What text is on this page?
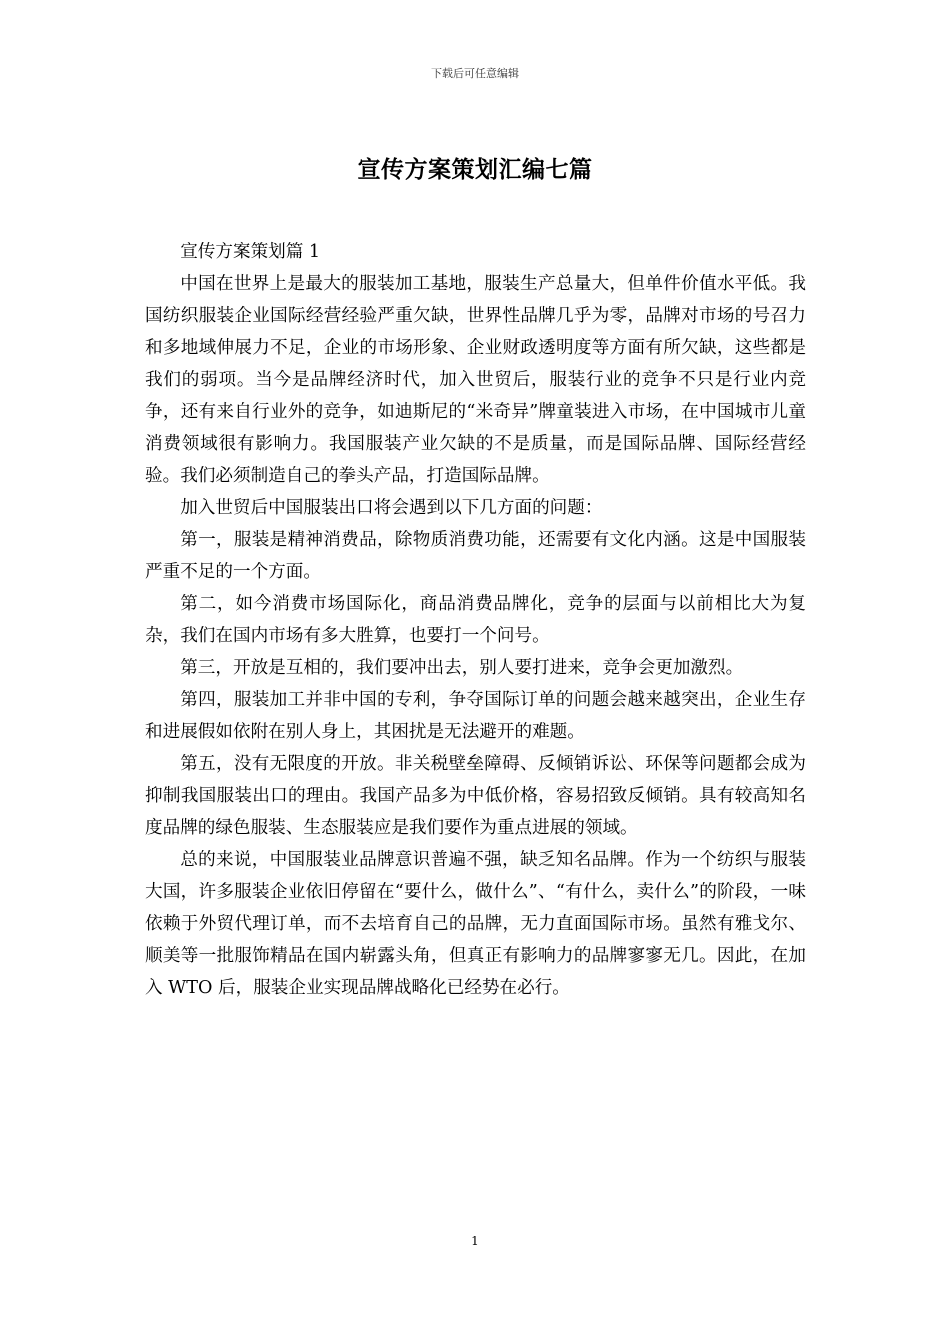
下载后可任意编辑
宣传方案策划汇编七篇

宣传方案策划篇 1

中国在世界上是最大的服装加工基地，服装生产总量大，但单件价值水平低。我国纺织服装企业国际经营经验严重欠缺，世界性品牌几乎为零，品牌对市场的号召力和多地域伸展力不足，企业的市场形象、企业财政透明度等方面有所欠缺，这些都是我们的弱项。当今是品牌经济时代，加入世贸后，服装行业的竞争不只是行业内竞争，还有来自行业外的竞争，如迪斯尼的“米奇异”牌童装进入市场，在中国城市儿童消费领域很有影响力。我国服装产业欠缺的不是质量，而是国际品牌、国际经营经验。我们必须制造自己的拳头产品，打造国际品牌。

加入世贸后中国服装出口将会遇到以下几方面的问题：

第一，服装是精神消费品，除物质消费功能，还需要有文化内涵。这是中国服装严重不足的一个方面。

第二，如今消费市场国际化，商品消费品牌化，竞争的层面与以前相比大为复杂，我们在国内市场有多大胜算，也要打一个问号。

第三，开放是互相的，我们要冲出去，别人要打进来，竞争会更加激烈。

第四，服装加工并非中国的专利，争夺国际订单的问题会越来越突出，企业生存和进展假如依附在别人身上，其困扰是无法避开的难题。

第五，没有无限度的开放。非关税壁垒障碍、反倾销诉讼、环保等问题都会成为抑制我国服装出口的理由。我国产品多为中低价格，容易招致反倾销。具有较高知名度品牌的绿色服装、生态服装应是我们要作为重点进展的领域。

总的来说，中国服装业品牌意识普遍不强，缺乏知名品牌。作为一个纺织与服装大国，许多服装企业依旧停留在“要什么，做什么”、“有什么，卖什么”的阶段，一味依赖于外贸代理订单，而不去培育自己的品牌，无力直面国际市场。虽然有雅戈尔、顺美等一批服饰精品在国内崭露头角，但真正有影响力的品牌寥寥无几。因此，在加入 WTO 后，服装企业实现品牌战略化已经势在必行。

1
